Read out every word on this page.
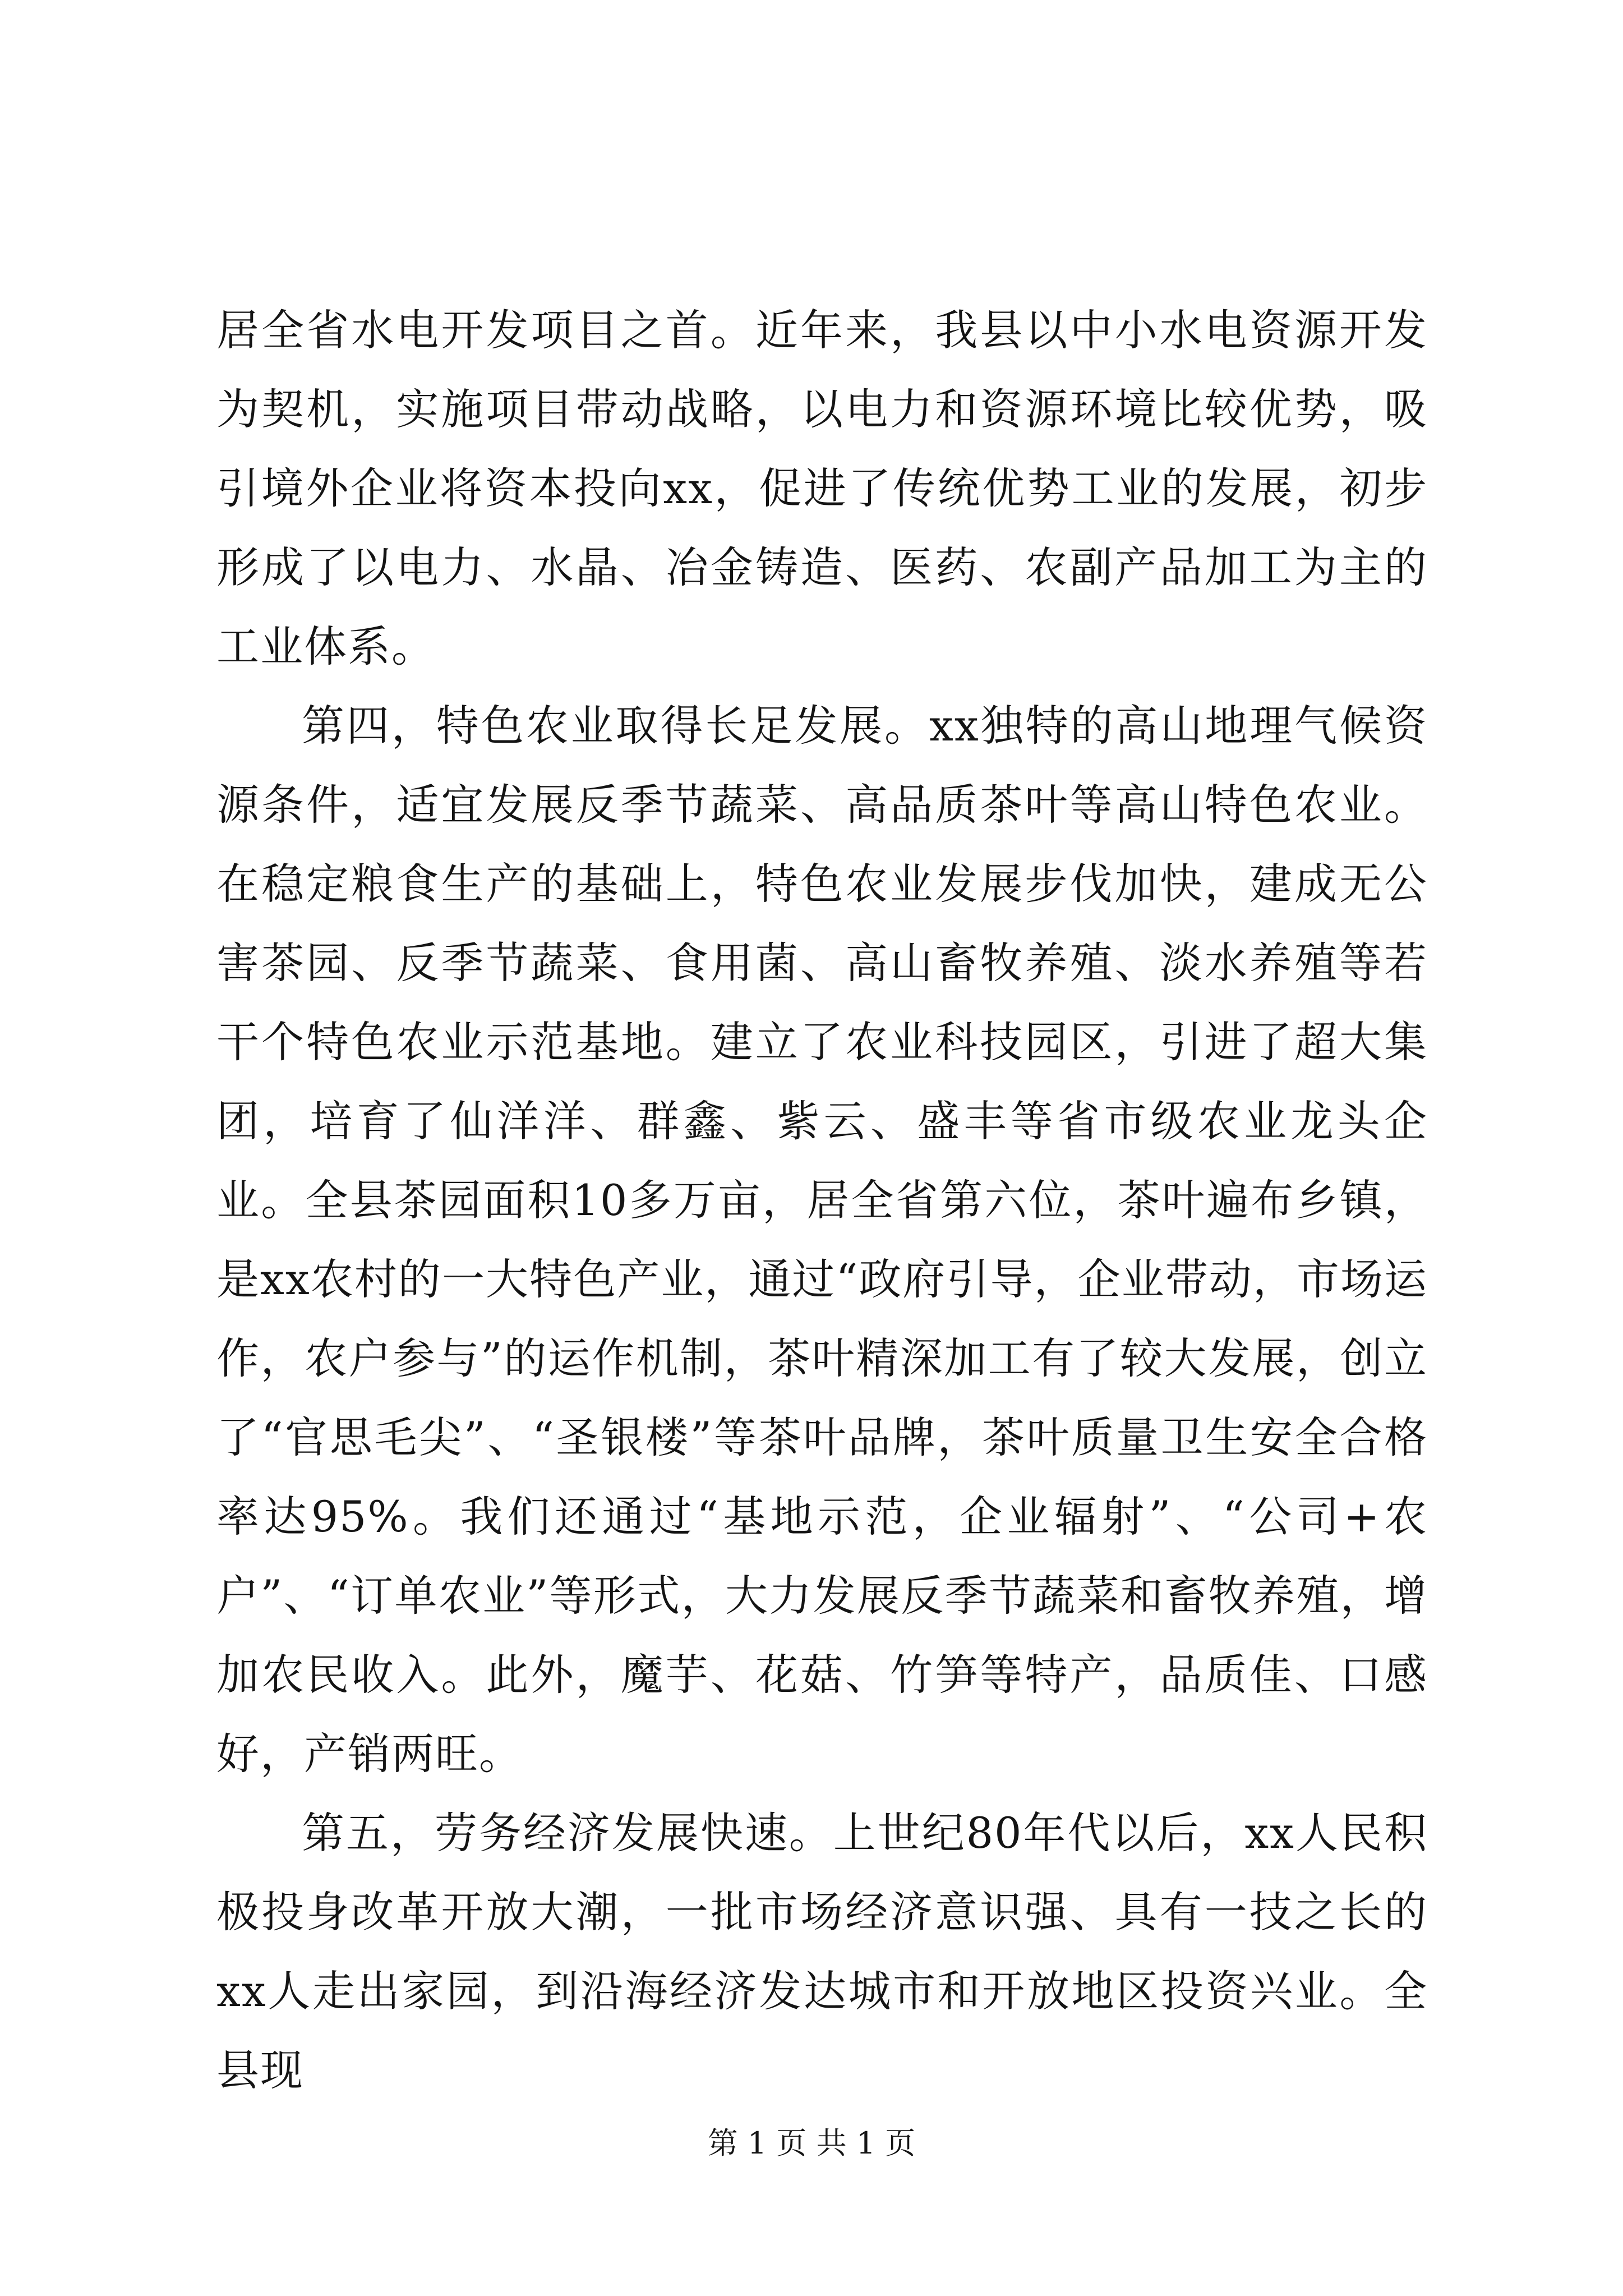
居全省水电开发项目之首。近年来，我县以中小水电资源开发为契机，实施项目带动战略，以电力和资源环境比较优势，吸引境外企业将资本投向xx，促进了传统优势工业的发展，初步形成了以电力、水晶、冶金铸造、医药、农副产品加工为主的工业体系。

第四，特色农业取得长足发展。xx独特的高山地理气候资源条件，适宜发展反季节蔬菜、高品质茶叶等高山特色农业。在稳定粮食生产的基础上，特色农业发展步伐加快，建成无公害茶园、反季节蔬菜、食用菌、高山畜牧养殖、淡水养殖等若干个特色农业示范基地。建立了农业科技园区，引进了超大集团，培育了仙洋洋、群鑫、紫云、盛丰等省市级农业龙头企业。全县茶园面积10多万亩，居全省第六位，茶叶遍布乡镇，是xx农村的一大特色产业，通过“政府引导，企业带动，市场运作，农户参与”的运作机制，茶叶精深加工有了较大发展，创立了“官思毛尖”、“圣银楼”等茶叶品牌，茶叶质量卫生安全合格率达95%。我们还通过“基地示范，企业辐射”、“公司+农户”、“订单农业”等形式，大力发展反季节蔬菜和畜牧养殖，增加农民收入。此外，魔芋、花菇、竹笋等特产，品质佳、口感好，产销两旺。

第五，劳务经济发展快速。上世纪80年代以后，xx人民积极投身改革开放大潮，一批市场经济意识强、具有一技之长的xx人走出家园，到沿海经济发达城市和开放地区投资兴业。全县现

第 1 页 共 1 页
